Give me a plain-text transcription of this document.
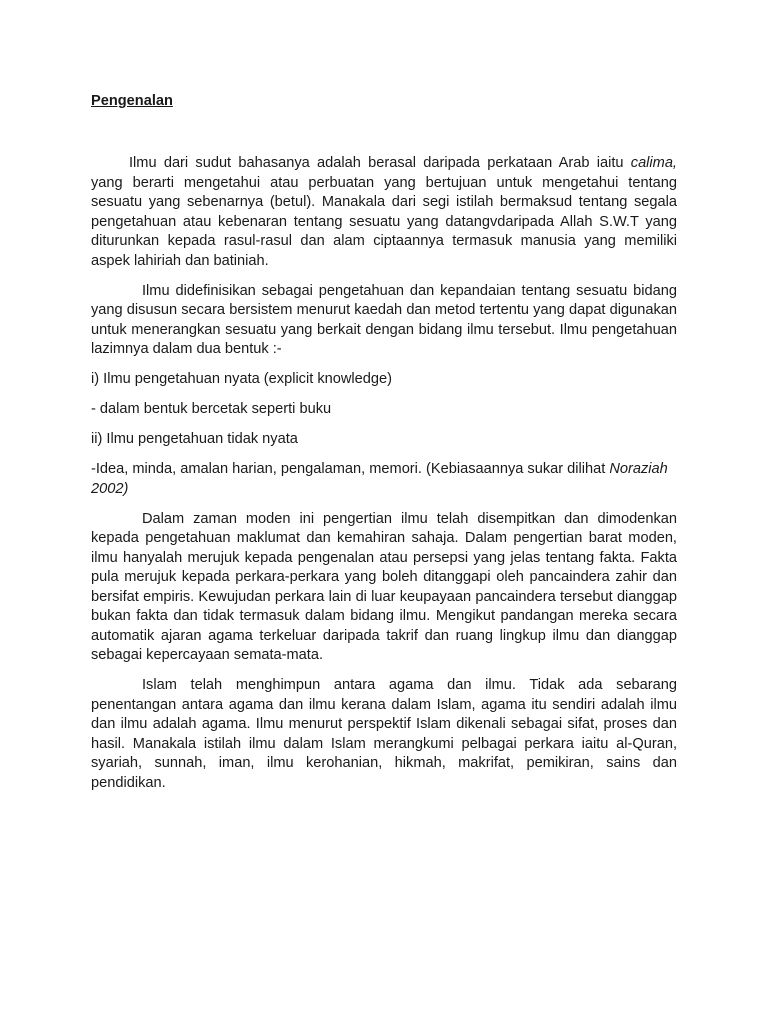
Pengenalan

Ilmu dari sudut bahasanya adalah berasal daripada perkataan Arab iaitu calima, yang berarti mengetahui atau perbuatan yang bertujuan untuk mengetahui tentang sesuatu yang sebenarnya (betul). Manakala dari segi istilah bermaksud tentang segala pengetahuan atau kebenaran tentang sesuatu yang datangvdaripada Allah S.W.T yang diturunkan kepada rasul-rasul dan alam ciptaannya termasuk manusia yang memiliki aspek lahiriah dan batiniah.

Ilmu didefinisikan sebagai pengetahuan dan kepandaian tentang sesuatu bidang yang disusun secara bersistem menurut kaedah dan metod tertentu yang dapat digunakan untuk menerangkan sesuatu yang berkait dengan bidang ilmu tersebut. Ilmu pengetahuan lazimnya dalam dua bentuk :-

i) Ilmu pengetahuan nyata (explicit knowledge)

- dalam bentuk bercetak seperti buku

ii) Ilmu pengetahuan tidak nyata

-Idea, minda, amalan harian, pengalaman, memori. (Kebiasaannya sukar dilihat Noraziah 2002)

Dalam zaman moden ini pengertian ilmu telah disempitkan dan dimodenkan kepada pengetahuan maklumat dan kemahiran sahaja. Dalam pengertian barat moden, ilmu hanyalah merujuk kepada pengenalan atau persepsi yang jelas tentang fakta. Fakta pula merujuk kepada perkara-perkara yang boleh ditanggapi oleh pancaindera zahir dan bersifat empiris. Kewujudan perkara lain di luar keupayaan pancaindera tersebut dianggap bukan fakta dan tidak termasuk dalam bidang ilmu. Mengikut pandangan mereka secara automatik ajaran agama terkeluar daripada takrif dan ruang lingkup ilmu dan dianggap sebagai kepercayaan semata-mata.

Islam telah menghimpun antara agama dan ilmu. Tidak ada sebarang penentangan antara agama dan ilmu kerana dalam Islam, agama itu sendiri adalah ilmu dan ilmu adalah agama. Ilmu menurut perspektif Islam dikenali sebagai sifat, proses dan hasil. Manakala istilah ilmu dalam Islam merangkumi pelbagai perkara iaitu al-Quran, syariah, sunnah, iman, ilmu kerohanian, hikmah, makrifat, pemikiran, sains dan pendidikan.
